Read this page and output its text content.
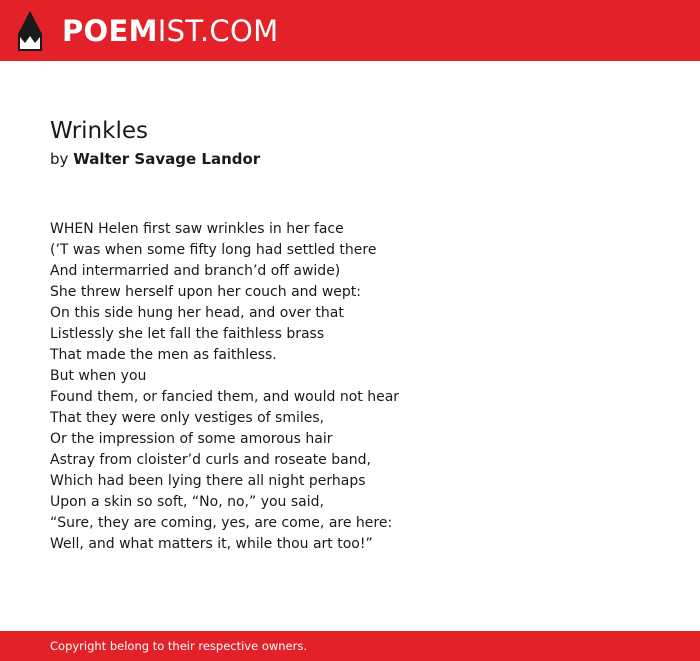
POEMIST.COM
Wrinkles
by Walter Savage Landor
WHEN Helen first saw wrinkles in her face
(’T was when some fifty long had settled there
And intermarried and branch’d off awide)
She threw herself upon her couch and wept:
On this side hung her head, and over that
Listlessly she let fall the faithless brass
That made the men as faithless.
But when you
Found them, or fancied them, and would not hear
That they were only vestiges of smiles,
Or the impression of some amorous hair
Astray from cloister’d curls and roseate band,
Which had been lying there all night perhaps
Upon a skin so soft, “No, no,” you said,
“Sure, they are coming, yes, are come, are here:
Well, and what matters it, while thou art too!”
Copyright belong to their respective owners.
